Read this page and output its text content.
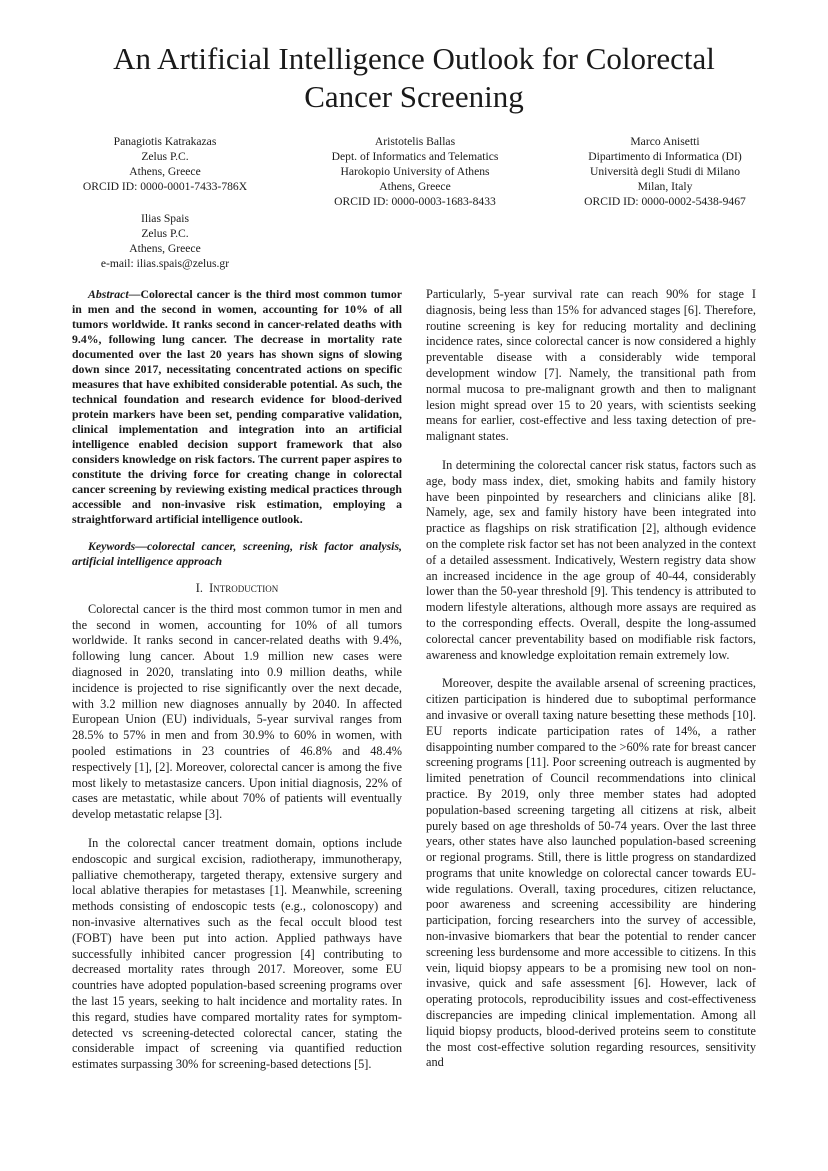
An Artificial Intelligence Outlook for Colorectal
Cancer Screening
Panagiotis Katrakazas
Zelus P.C.
Athens, Greece
ORCID ID: 0000-0001-7433-786X
Aristotelis Ballas
Dept. of Informatics and Telematics
Harokopio University of Athens
Athens, Greece
ORCID ID: 0000-0003-1683-8433
Marco Anisetti
Dipartimento di Informatica (DI)
Università degli Studi di Milano
Milan, Italy
ORCID ID: 0000-0002-5438-9467
Ilias Spais
Zelus P.C.
Athens, Greece
e-mail: ilias.spais@zelus.gr

Abstract—Colorectal cancer is the third most common tumor in men and the second in women, accounting for 10% of all tumors worldwide. It ranks second in cancer-related deaths with 9.4%, following lung cancer. The decrease in mortality rate documented over the last 20 years has shown signs of slowing down since 2017, necessitating concentrated actions on specific measures that have exhibited considerable potential. As such, the technical foundation and research evidence for blood-derived protein markers have been set, pending comparative validation, clinical implementation and integration into an artificial intelligence enabled decision support framework that also considers knowledge on risk factors. The current paper aspires to constitute the driving force for creating change in colorectal cancer screening by reviewing existing medical practices through accessible and non-invasive risk estimation, employing a straightforward artificial intelligence outlook.

Keywords—colorectal cancer, screening, risk factor analysis, artificial intelligence approach

I. Introduction

Colorectal cancer is the third most common tumor in men and the second in women, accounting for 10% of all tumors worldwide. It ranks second in cancer-related deaths with 9.4%, following lung cancer. About 1.9 million new cases were diagnosed in 2020, translating into 0.9 million deaths, while incidence is projected to rise significantly over the next decade, with 3.2 million new diagnoses annually by 2040. In affected European Union (EU) individuals, 5-year survival ranges from 28.5% to 57% in men and from 30.9% to 60% in women, with pooled estimations in 23 countries of 46.8% and 48.4% respectively [1], [2]. Moreover, colorectal cancer is among the five most likely to metastasize cancers. Upon initial diagnosis, 22% of cases are metastatic, while about 70% of patients will eventually develop metastatic relapse [3].

In the colorectal cancer treatment domain, options include endoscopic and surgical excision, radiotherapy, immunotherapy, palliative chemotherapy, targeted therapy, extensive surgery and local ablative therapies for metastases [1]. Meanwhile, screening methods consisting of endoscopic tests (e.g., colonoscopy) and non-invasive alternatives such as the fecal occult blood test (FOBT) have been put into action. Applied pathways have successfully inhibited cancer progression [4] contributing to decreased mortality rates through 2017. Moreover, some EU countries have adopted population-based screening programs over the last 15 years, seeking to halt incidence and mortality rates. In this regard, studies have compared mortality rates for symptom-detected vs screening-detected colorectal cancer, stating the considerable impact of screening via quantified reduction estimates surpassing 30% for screening-based detections [5].

Particularly, 5-year survival rate can reach 90% for stage I diagnosis, being less than 15% for advanced stages [6]. Therefore, routine screening is key for reducing mortality and declining incidence rates, since colorectal cancer is now considered a highly preventable disease with a considerably wide temporal development window [7]. Namely, the transitional path from normal mucosa to pre-malignant growth and then to malignant lesion might spread over 15 to 20 years, with scientists seeking means for earlier, cost-effective and less taxing detection of pre-malignant states.

In determining the colorectal cancer risk status, factors such as age, body mass index, diet, smoking habits and family history have been pinpointed by researchers and clinicians alike [8]. Namely, age, sex and family history have been integrated into practice as flagships on risk stratification [2], although evidence on the complete risk factor set has not been analyzed in the context of a detailed assessment. Indicatively, Western registry data show an increased incidence in the age group of 40-44, considerably lower than the 50-year threshold [9]. This tendency is attributed to modern lifestyle alterations, although more assays are required as to the corresponding effects. Overall, despite the long-assumed colorectal cancer preventability based on modifiable risk factors, awareness and knowledge exploitation remain extremely low.

Moreover, despite the available arsenal of screening practices, citizen participation is hindered due to suboptimal performance and invasive or overall taxing nature besetting these methods [10]. EU reports indicate participation rates of 14%, a rather disappointing number compared to the >60% rate for breast cancer screening programs [11]. Poor screening outreach is augmented by limited penetration of Council recommendations into clinical practice. By 2019, only three member states had adopted population-based screening targeting all citizens at risk, albeit purely based on age thresholds of 50-74 years. Over the last three years, other states have also launched population-based screening or regional programs. Still, there is little progress on standardized programs that unite knowledge on colorectal cancer towards EU-wide regulations. Overall, taxing procedures, citizen reluctance, poor awareness and screening accessibility are hindering participation, forcing researchers into the survey of accessible, non-invasive biomarkers that bear the potential to render cancer screening less burdensome and more accessible to citizens. In this vein, liquid biopsy appears to be a promising new tool on non-invasive, quick and safe assessment [6]. However, lack of operating protocols, reproducibility issues and cost-effectiveness discrepancies are impeding clinical implementation. Among all liquid biopsy products, blood-derived proteins seem to constitute the most cost-effective solution regarding resources, sensitivity and
